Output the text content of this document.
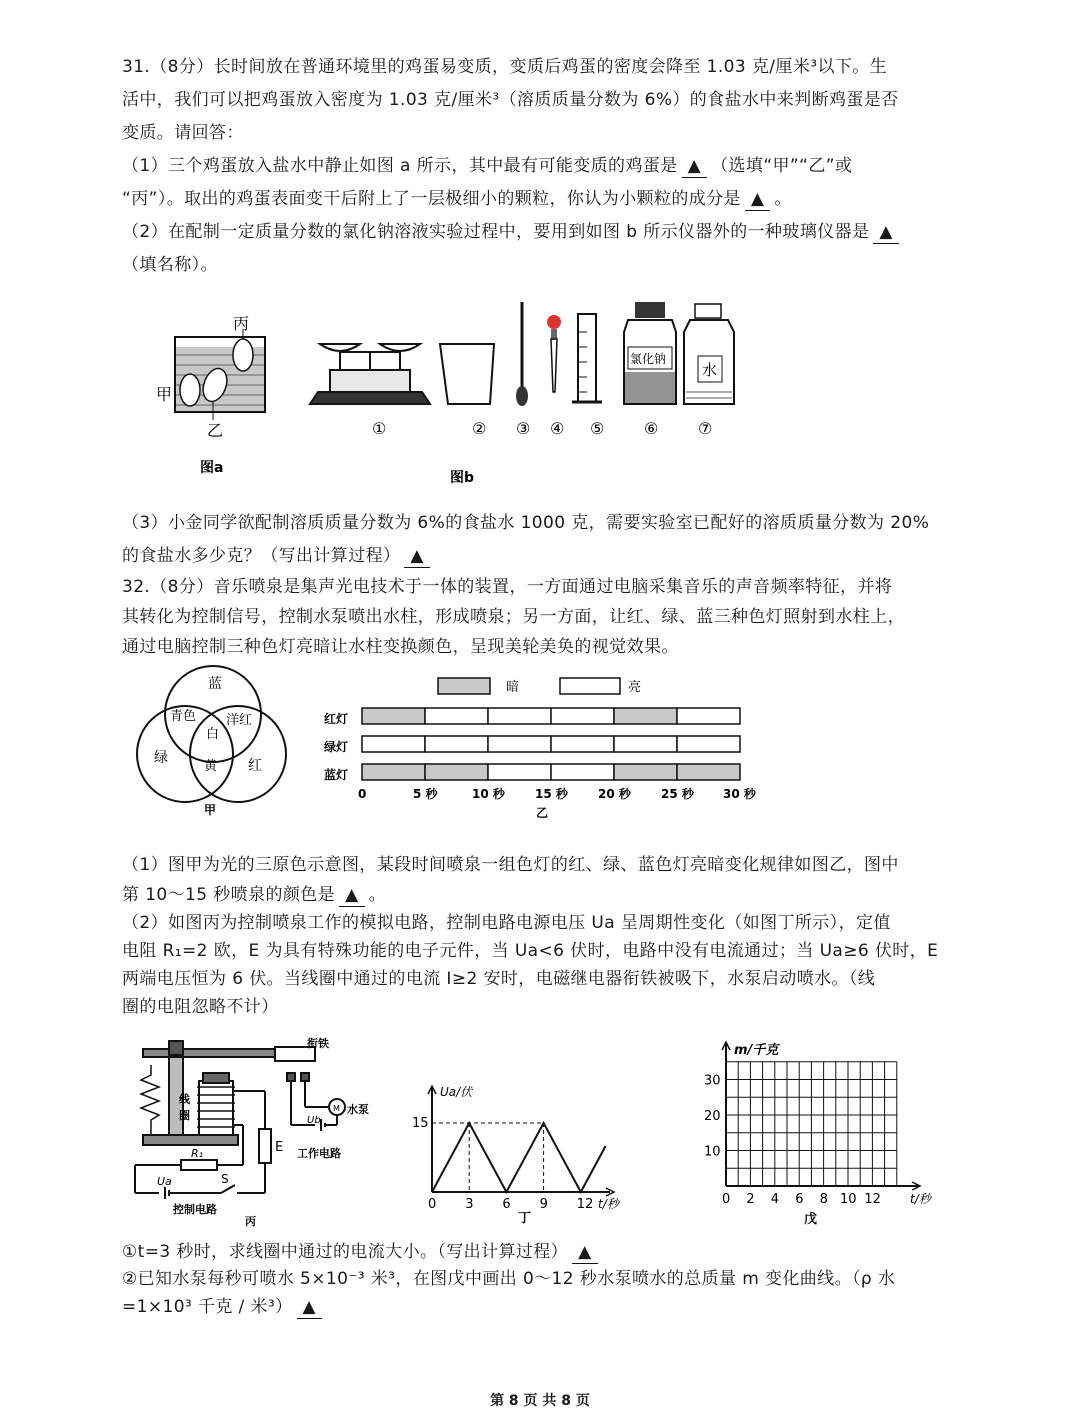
31.（8分）长时间放在普通环境里的鸡蛋易变质，变质后鸡蛋的密度会降至 1.03 克/厘米³以下。生
活中，我们可以把鸡蛋放入密度为 1.03 克/厘米³（溶质质量分数为 6%）的食盐水中来判断鸡蛋是否
变质。请回答：
（1）三个鸡蛋放入盐水中静止如图 a 所示，其中最有可能变质的鸡蛋是 ▲ （选填“甲”“乙”或
“丙”）。取出的鸡蛋表面变干后附上了一层极细小的颗粒，你认为小颗粒的成分是 ▲ 。
（2）在配制一定质量分数的氯化钠溶液实验过程中，要用到如图 b 所示仪器外的一种玻璃仪器是 ▲
（填名称）。
丙
甲
乙
图a
氯化钠
水
①	② ③ ④ ⑤ ⑥ ⑦
图b
（3）小金同学欲配制溶质质量分数为 6%的食盐水 1000 克，需要实验室已配好的溶质质量分数为 20%
的食盐水多少克？（写出计算过程） ▲
32.（8分）音乐喷泉是集声光电技术于一体的装置，一方面通过电脑采集音乐的声音频率特征，并将
其转化为控制信号，控制水泵喷出水柱，形成喷泉；另一方面，让红、绿、蓝三种色灯照射到水柱上，
通过电脑控制三种色灯亮暗让水柱变换颜色，呈现美轮美奂的视觉效果。
蓝
绿	红
青色 洋红
白
黄
甲
暗	亮
红灯
绿灯
蓝灯
0	5 秒	10 秒	15 秒	20 秒	25 秒 30 秒
乙
（1）图甲为光的三原色示意图，某段时间喷泉一组色灯的红、绿、蓝色灯亮暗变化规律如图乙，图中
第 10～15 秒喷泉的颜色是 ▲ 。
（2）如图丙为控制喷泉工作的模拟电路，控制电路电源电压 Ua 呈周期性变化（如图丁所示），定值
电阻 R₁=2 欧，E 为具有特殊功能的电子元件，当 Ua<6 伏时，电路中没有电流通过；当 Ua≥6 伏时，E
两端电压恒为 6 伏。当线圈中通过的电流 I≥2 安时，电磁继电器衔铁被吸下，水泵启动喷水。（线
圈的电阻忽略不计）
衔铁
线
圈
E
M 水泵
Ub
工作电路
R₁
S
Ua
控制电路
丙
0 3 6 9 12
15
Ua/伏
t/秒
丁
0 2 4 6 8 10 12
10
20
30
m/千克
t/秒
戊
①t=3 秒时，求线圈中通过的电流大小。（写出计算过程） ▲
②已知水泵每秒可喷水 5×10⁻³ 米³，在图戊中画出 0～12 秒水泵喷水的总质量 m 变化曲线。（ρ 水
=1×10³ 千克 / 米³） ▲
第 8 页 共 8 页
